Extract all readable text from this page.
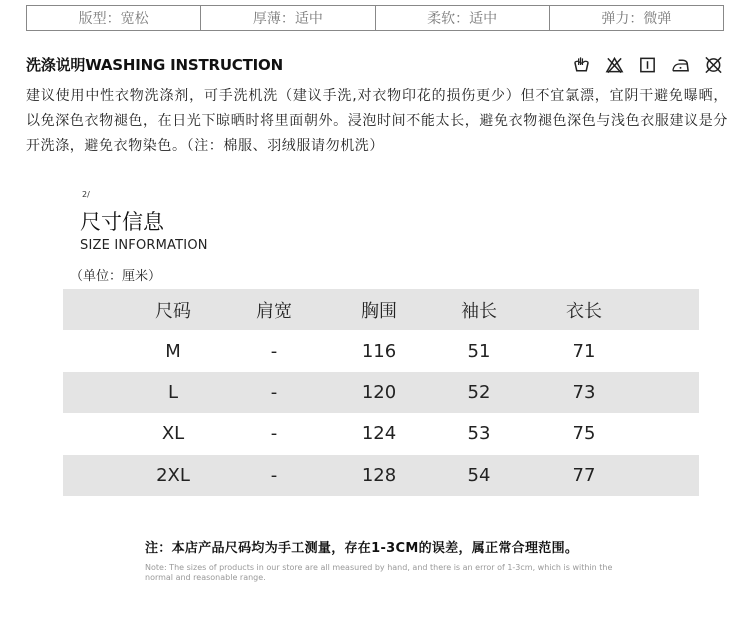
版型：宽松	厚薄：适中	柔软：适中	弹力：微弹
洗涤说明WASHING INSTRUCTION
建议使用中性衣物洗涤剂，可手洗机洗（建议手洗,对衣物印花的损伤更少）但不宜氯漂，宜阴干避免曝晒，以免深色衣物褪色，在日光下晾晒时将里面朝外。浸泡时间不能太长，避免衣物褪色深色与浅色衣服建议是分开洗涤，避免衣物染色。（注：棉服、羽绒服请勿机洗）
2/
尺寸信息
SIZE INFORMATION
（单位：厘米）
尺码	肩宽	胸围	袖长	衣长
M	-	116	51	71
L	-	120	52	73
XL	-	124	53	75
2XL	-	128	54	77
注：本店产品尺码均为手工测量，存在1-3CM的误差，属正常合理范围。
Note: The sizes of products in our store are all measured by hand, and there is an error of 1-3cm, which is within the normal and reasonable range.
